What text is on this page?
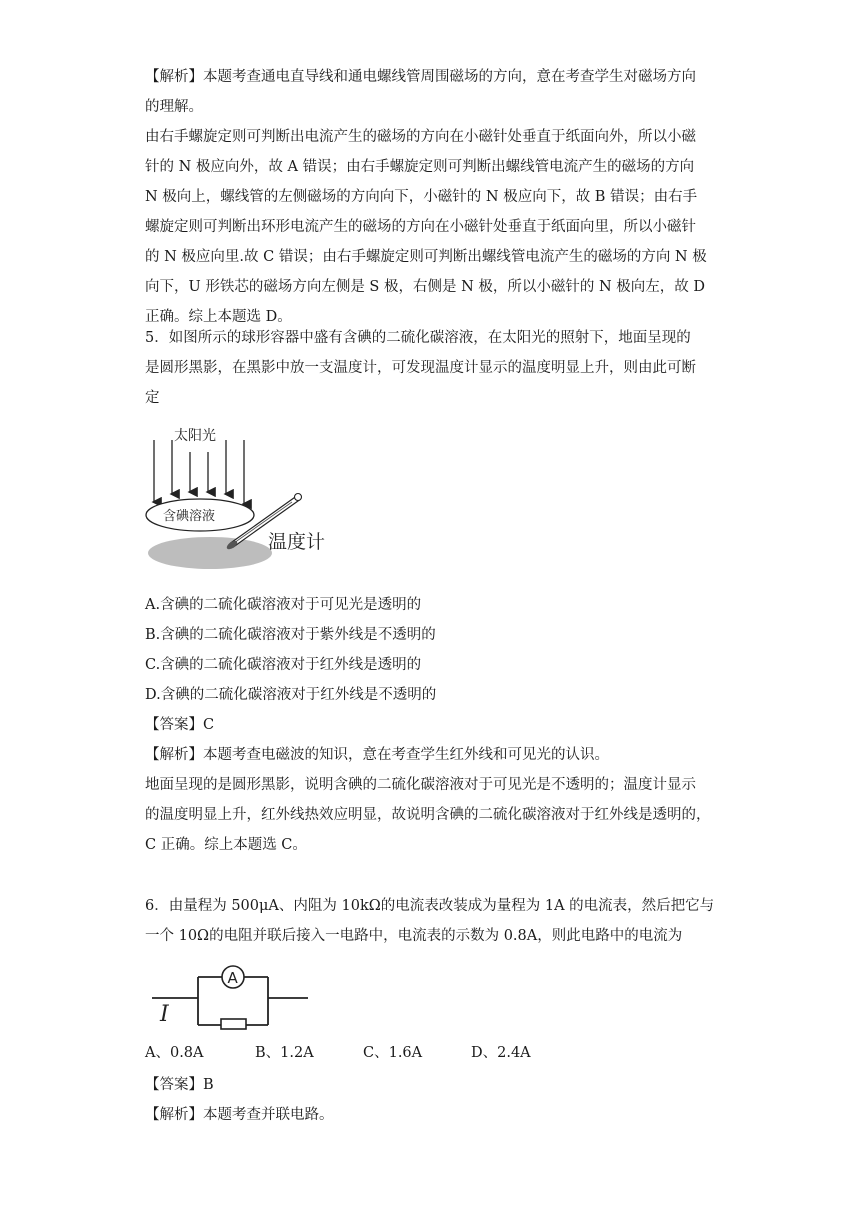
【解析】本题考查通电直导线和通电螺线管周围磁场的方向，意在考查学生对磁场方向
的理解。
由右手螺旋定则可判断出电流产生的磁场的方向在小磁针处垂直于纸面向外，所以小磁
针的 N 极应向外，故 A 错误；由右手螺旋定则可判断出螺线管电流产生的磁场的方向
N 极向上，螺线管的左侧磁场的方向向下，小磁针的 N 极应向下，故 B 错误；由右手
螺旋定则可判断出环形电流产生的磁场的方向在小磁针处垂直于纸面向里，所以小磁针
的 N 极应向里.故 C 错误；由右手螺旋定则可判断出螺线管电流产生的磁场的方向 N 极
向下，U 形铁芯的磁场方向左侧是 S 极，右侧是 N 极，所以小磁针的 N 极向左，故 D
正确。综上本题选 D。
5．如图所示的球形容器中盛有含碘的二硫化碳溶液，在太阳光的照射下，地面呈现的
是圆形黑影，在黑影中放一支温度计，可发现温度计显示的温度明显上升，则由此可断
定
太阳光
含碘溶液
温度计
A.含碘的二硫化碳溶液对于可见光是透明的
B.含碘的二硫化碳溶液对于紫外线是不透明的
C.含碘的二硫化碳溶液对于红外线是透明的
D.含碘的二硫化碳溶液对于红外线是不透明的
【答案】C
【解析】本题考查电磁波的知识，意在考查学生红外线和可见光的认识。
地面呈现的是圆形黑影，说明含碘的二硫化碳溶液对于可见光是不透明的；温度计显示
的温度明显上升，红外线热效应明显，故说明含碘的二硫化碳溶液对于红外线是透明的，
C 正确。综上本题选 C。
6．由量程为 500μA、内阻为 10kΩ的电流表改装成为量程为 1A 的电流表，然后把它与
一个 10Ω的电阻并联后接入一电路中，电流表的示数为 0.8A，则此电路中的电流为
A
I
A、0.8A	B、1.2A	C、1.6A	D、2.4A
【答案】B
【解析】本题考查并联电路。
